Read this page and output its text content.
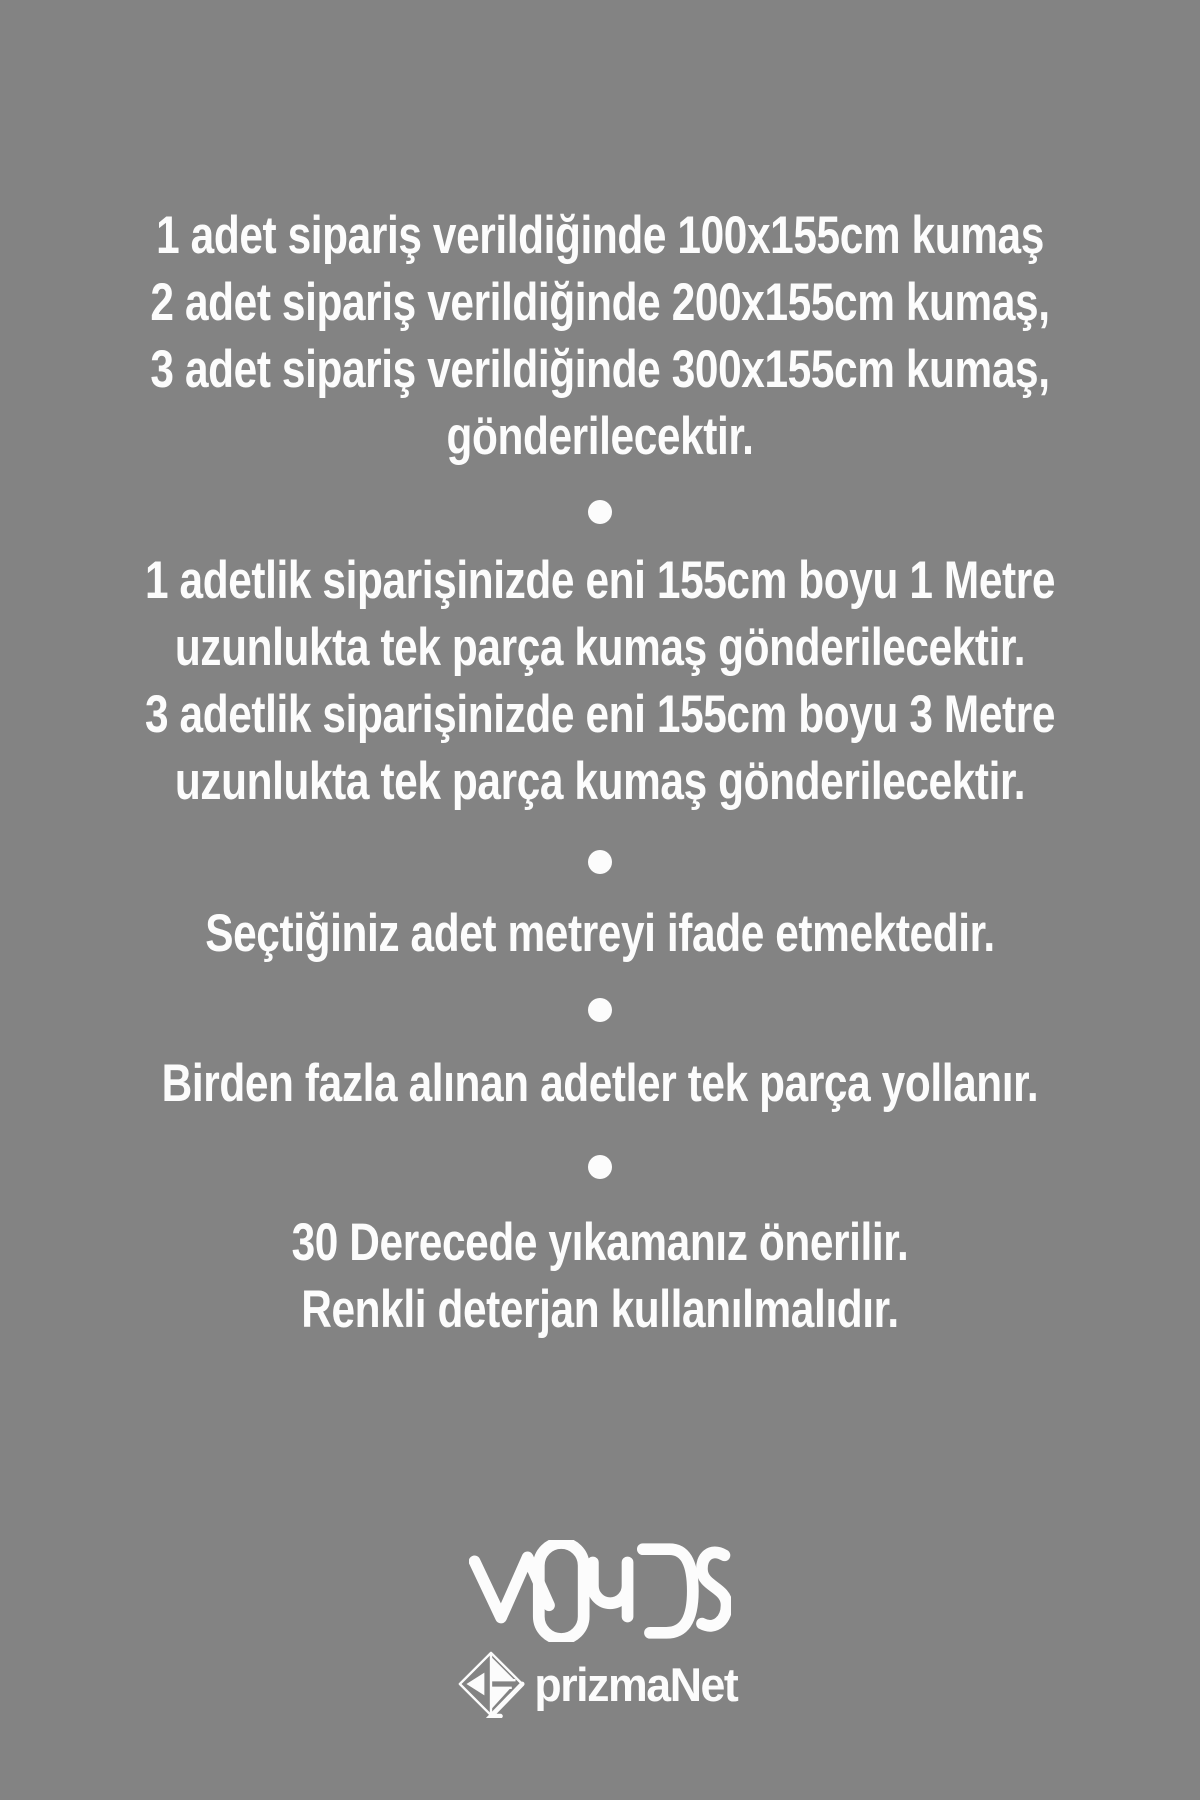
1 adet sipariş verildiğinde 100x155cm kumaş
2 adet sipariş verildiğinde 200x155cm kumaş,
3 adet sipariş verildiğinde 300x155cm kumaş,
gönderilecektir.
1 adetlik siparişinizde eni 155cm boyu 1 Metre
uzunlukta tek parça kumaş gönderilecektir.
3 adetlik siparişinizde eni 155cm boyu 3 Metre
uzunlukta tek parça kumaş gönderilecektir.
Seçtiğiniz adet metreyi ifade etmektedir.
Birden fazla alınan adetler tek parça yollanır.
30 Derecede yıkamanız önerilir.
Renkli deterjan kullanılmalıdır.
prizmaNet
